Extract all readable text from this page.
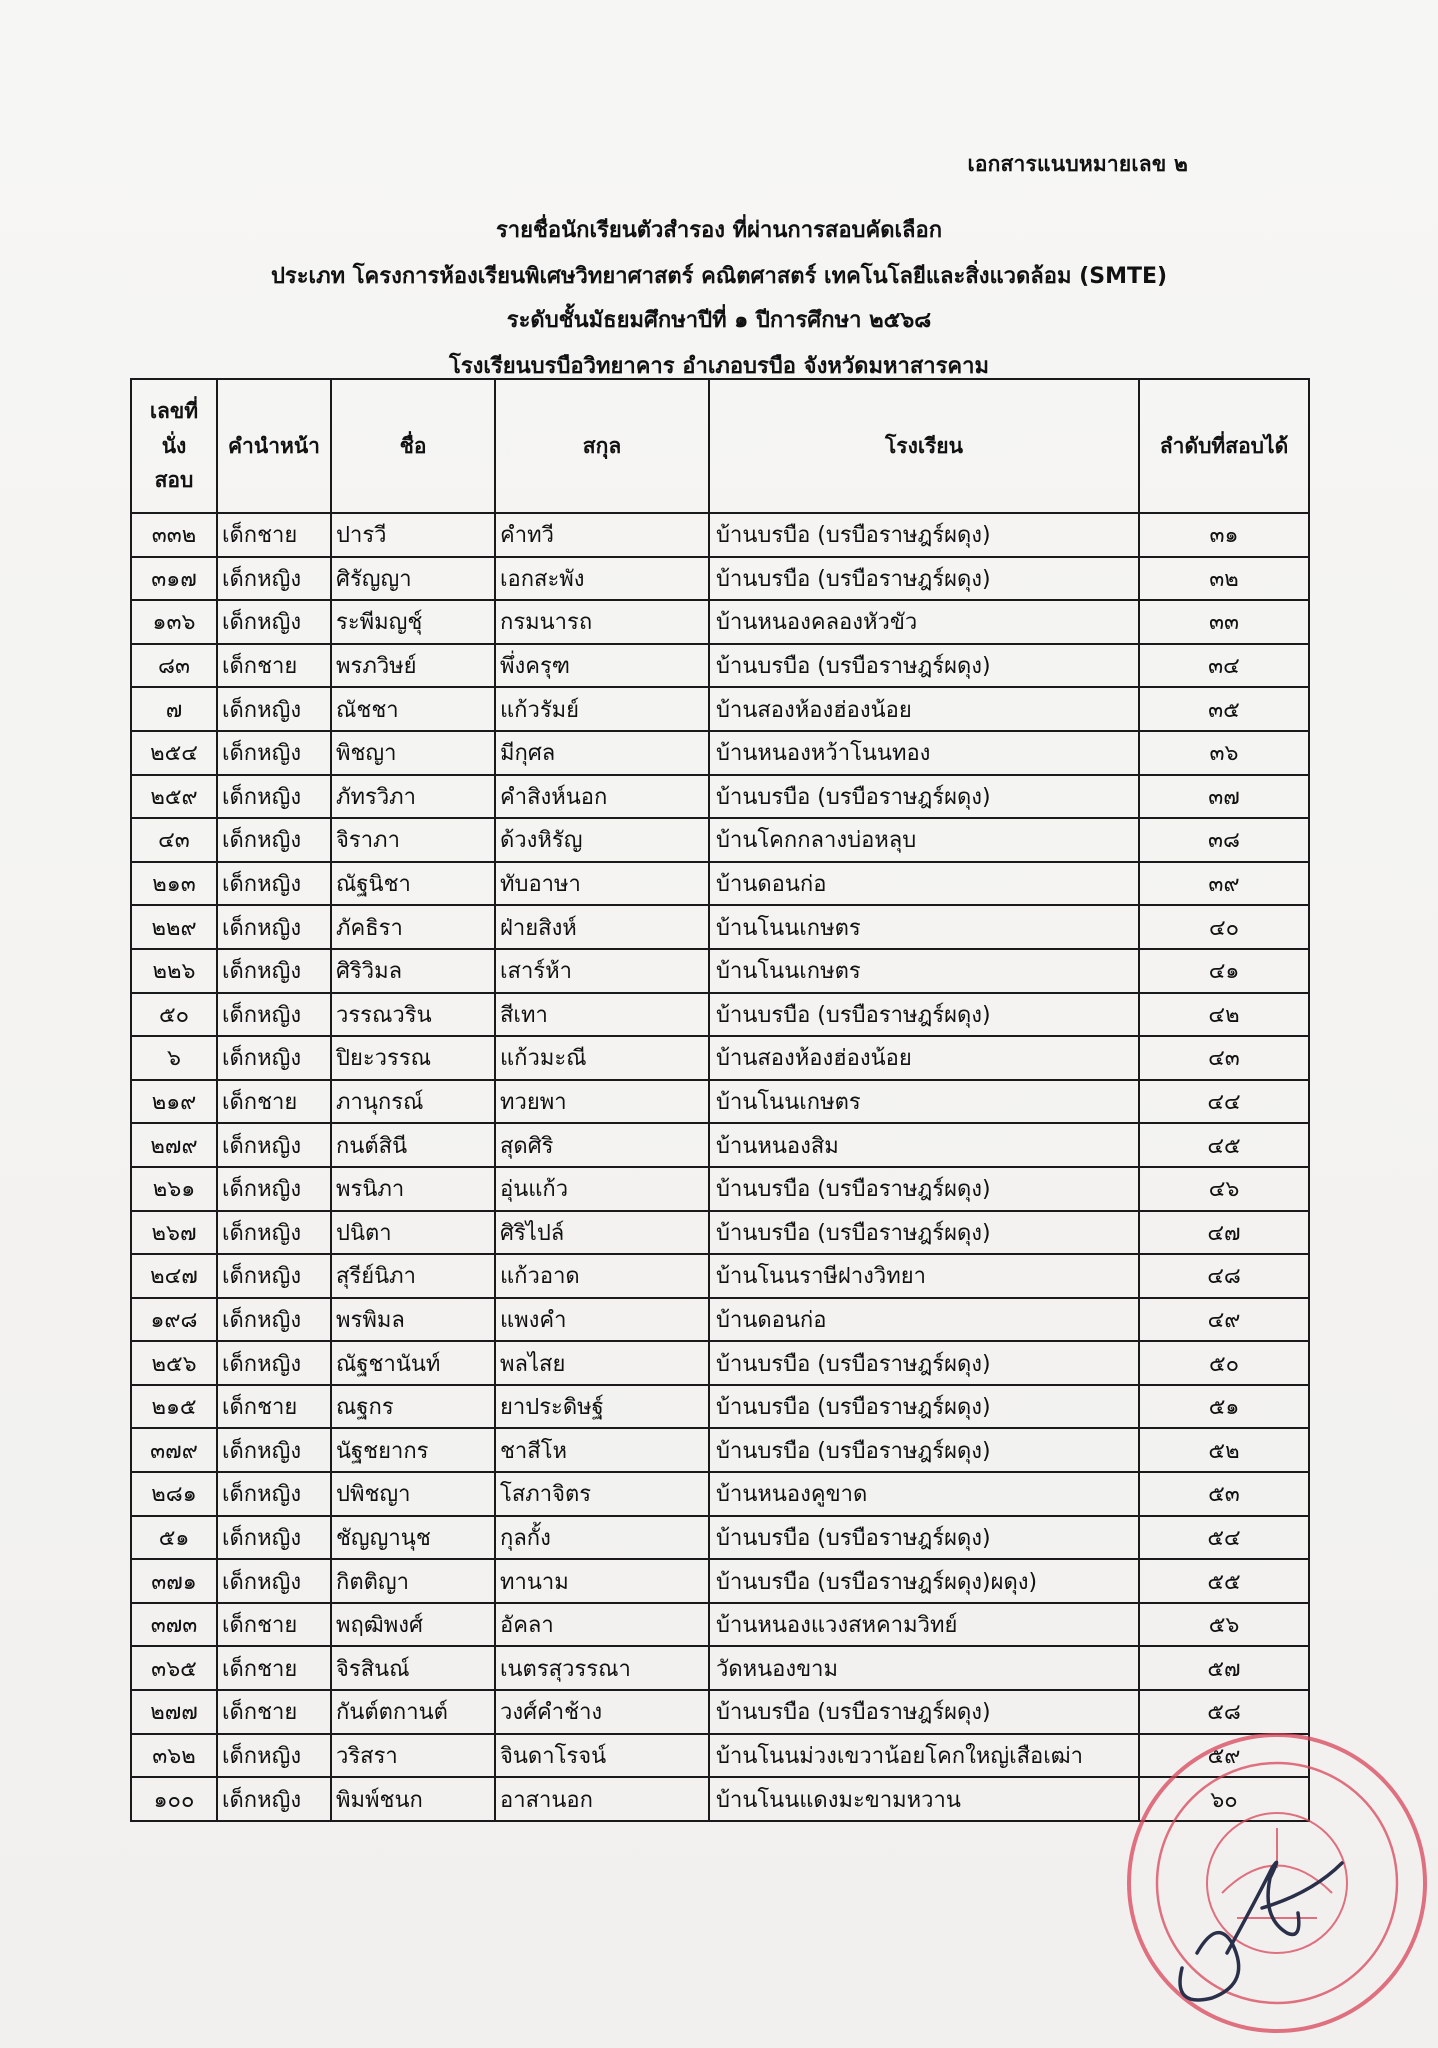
เอกสารแนบหมายเลข ๒
รายชื่อนักเรียนตัวสำรอง ที่ผ่านการสอบคัดเลือก
ประเภท โครงการห้องเรียนพิเศษวิทยาศาสตร์ คณิตศาสตร์ เทคโนโลยีและสิ่งแวดล้อม (SMTE)
ระดับชั้นมัธยมศึกษาปีที่ ๑ ปีการศึกษา ๒๕๖๘
โรงเรียนบรบือวิทยาคาร อำเภอบรบือ จังหวัดมหาสารคาม
เลขที่
นั่ง
สอบ	คำนำหน้า	ชื่อ	สกุล	โรงเรียน	ลำดับที่สอบได้
๓๓๒	เด็กชาย	ปารวี	คำทวี	บ้านบรบือ (บรบือราษฎร์ผดุง)	๓๑
๓๑๗	เด็กหญิง	ศิรัญญา	เอกสะพัง	บ้านบรบือ (บรบือราษฎร์ผดุง)	๓๒
๑๓๖	เด็กหญิง	ระพีมญชุ์	กรมนารถ	บ้านหนองคลองหัวขัว	๓๓
๘๓	เด็กชาย	พรภวิษย์	พึ่งครุฑ	บ้านบรบือ (บรบือราษฎร์ผดุง)	๓๔
๗	เด็กหญิง	ณัชชา	แก้วรัมย์	บ้านสองห้องฮ่องน้อย	๓๕
๒๕๔	เด็กหญิง	พิชญา	มีกุศล	บ้านหนองหว้าโนนทอง	๓๖
๒๕๙	เด็กหญิง	ภัทรวิภา	คำสิงห์นอก	บ้านบรบือ (บรบือราษฎร์ผดุง)	๓๗
๔๓	เด็กหญิง	จิราภา	ด้วงหิรัญ	บ้านโคกกลางบ่อหลุบ	๓๘
๒๑๓	เด็กหญิง	ณัฐนิชา	ทับอาษา	บ้านดอนก่อ	๓๙
๒๒๙	เด็กหญิง	ภัคธิรา	ฝ่ายสิงห์	บ้านโนนเกษตร	๔๐
๒๒๖	เด็กหญิง	ศิริวิมล	เสาร์ห้า	บ้านโนนเกษตร	๔๑
๕๐	เด็กหญิง	วรรณวริน	สีเทา	บ้านบรบือ (บรบือราษฎร์ผดุง)	๔๒
๖	เด็กหญิง	ปิยะวรรณ	แก้วมะณี	บ้านสองห้องฮ่องน้อย	๔๓
๒๑๙	เด็กชาย	ภานุกรณ์	ทวยพา	บ้านโนนเกษตร	๔๔
๒๗๙	เด็กหญิง	กนต์สินี	สุดศิริ	บ้านหนองสิม	๔๕
๒๖๑	เด็กหญิง	พรนิภา	อุ่นแก้ว	บ้านบรบือ (บรบือราษฎร์ผดุง)	๔๖
๒๖๗	เด็กหญิง	ปนิตา	ศิริไปล์	บ้านบรบือ (บรบือราษฎร์ผดุง)	๔๗
๒๔๗	เด็กหญิง	สุรีย์นิภา	แก้วอาด	บ้านโนนราษีฝางวิทยา	๔๘
๑๙๘	เด็กหญิง	พรพิมล	แพงคำ	บ้านดอนก่อ	๔๙
๒๕๖	เด็กหญิง	ณัฐชานันท์	พลไสย	บ้านบรบือ (บรบือราษฎร์ผดุง)	๕๐
๒๑๕	เด็กชาย	ณฐกร	ยาประดิษฐ์	บ้านบรบือ (บรบือราษฎร์ผดุง)	๕๑
๓๗๙	เด็กหญิง	นัฐชยากร	ชาสีโห	บ้านบรบือ (บรบือราษฎร์ผดุง)	๕๒
๒๘๑	เด็กหญิง	ปพิชญา	โสภาจิตร	บ้านหนองคูขาด	๕๓
๕๑	เด็กหญิง	ชัญญานุช	กุลกั้ง	บ้านบรบือ (บรบือราษฎร์ผดุง)	๕๔
๓๗๑	เด็กหญิง	กิตติญา	ทานาม	บ้านบรบือ (บรบือราษฎร์ผดุง)ผดุง)	๕๕
๓๗๓	เด็กชาย	พฤฒิพงศ์	อัคลา	บ้านหนองแวงสหคามวิทย์	๕๖
๓๖๕	เด็กชาย	จิรสินณ์	เนตรสุวรรณา	วัดหนองขาม	๕๗
๒๗๗	เด็กชาย	กันต์ตกานต์	วงศ์คำช้าง	บ้านบรบือ (บรบือราษฎร์ผดุง)	๕๘
๓๖๒	เด็กหญิง	วริสรา	จินดาโรจน์	บ้านโนนม่วงเขวาน้อยโคกใหญ่เสือเฒ่า	๕๙
๑๐๐	เด็กหญิง	พิมพ์ชนก	อาสานอก	บ้านโนนแดงมะขามหวาน	๖๐
